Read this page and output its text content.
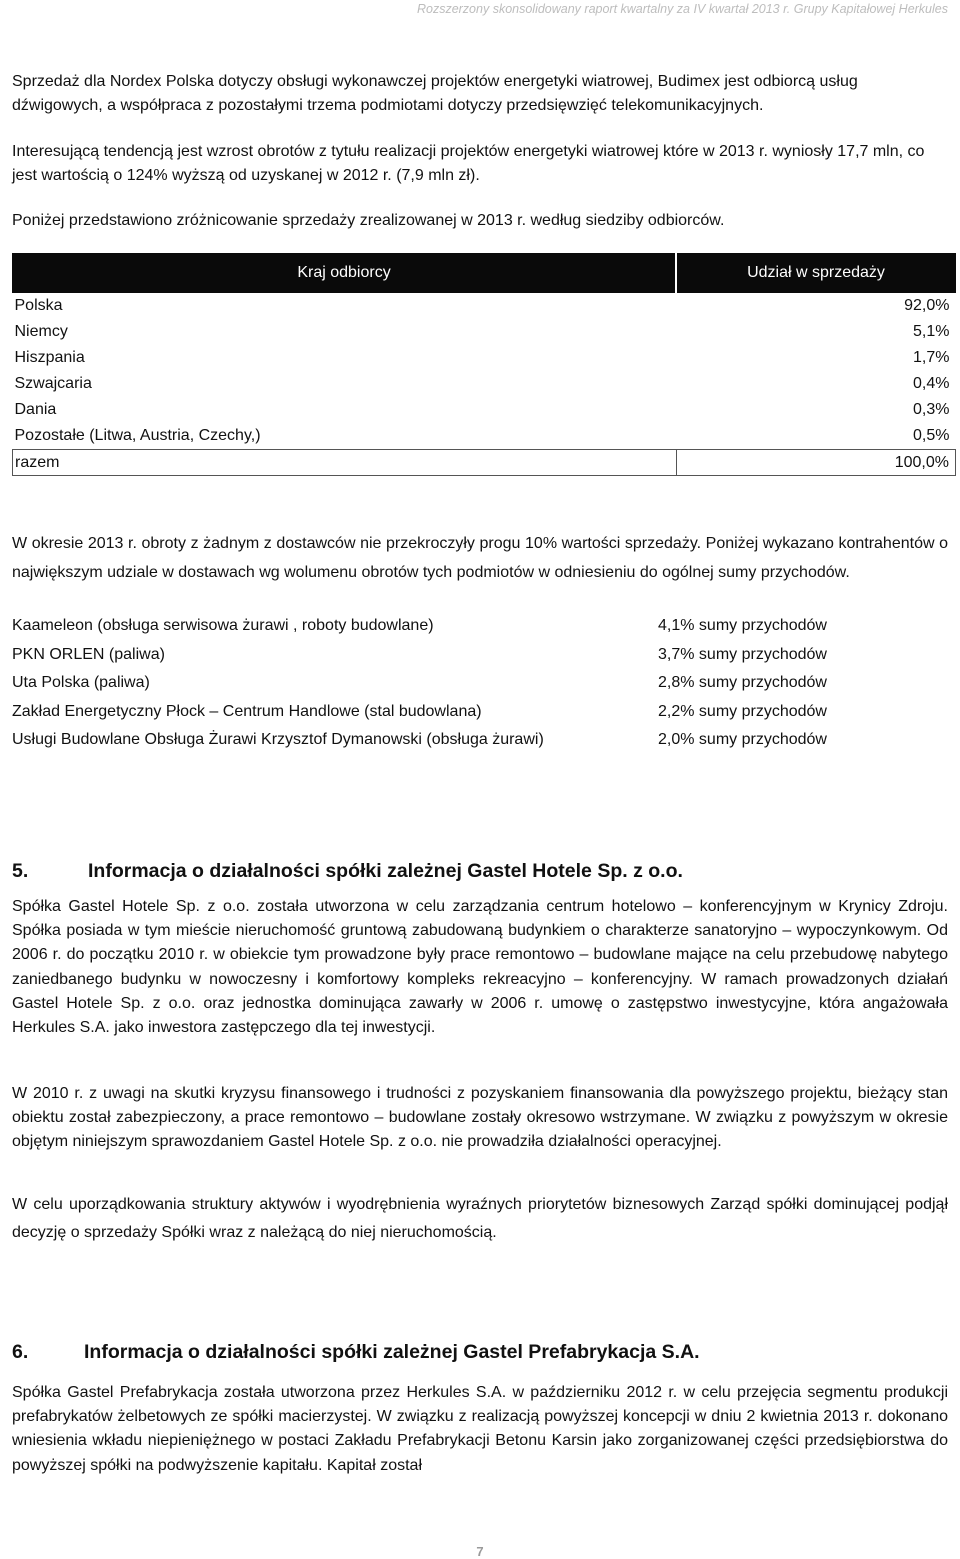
Rozszerzony skonsolidowany raport kwartalny za IV kwartał 2013 r. Grupy Kapitałowej Herkules

Sprzedaż dla Nordex Polska dotyczy obsługi wykonawczej projektów energetyki wiatrowej, Budimex jest odbiorcą usług dźwigowych, a współpraca z pozostałymi trzema podmiotami dotyczy przedsięwzięć telekomunikacyjnych.

Interesującą tendencją jest wzrost obrotów z tytułu realizacji projektów energetyki wiatrowej które w 2013 r. wyniosły 17,7 mln, co jest wartością o 124% wyższą od uzyskanej w 2012 r. (7,9 mln zł).

Poniżej przedstawiono zróżnicowanie sprzedaży zrealizowanej w 2013 r. według siedziby odbiorców.

Kraj odbiorcy	Udział w sprzedaży
Polska	92,0%
Niemcy	5,1%
Hiszpania	1,7%
Szwajcaria	0,4%
Dania	0,3%
Pozostałe (Litwa, Austria, Czechy,)	0,5%
razem	100,0%

W okresie 2013 r. obroty z żadnym z dostawców nie przekroczyły progu 10% wartości sprzedaży. Poniżej wykazano kontrahentów o największym udziale w dostawach wg wolumenu obrotów tych podmiotów w odniesieniu do ogólnej sumy przychodów.

Kaameleon (obsługa serwisowa żurawi , roboty budowlane)	4,1% sumy przychodów
PKN ORLEN (paliwa)	3,7% sumy przychodów
Uta Polska (paliwa)	2,8% sumy przychodów
Zakład Energetyczny Płock – Centrum Handlowe (stal budowlana)	2,2% sumy przychodów
Usługi Budowlane Obsługa Żurawi Krzysztof Dymanowski (obsługa żurawi)	2,0% sumy przychodów
5.	Informacja o działalności spółki zależnej Gastel Hotele Sp. z o.o.

Spółka Gastel Hotele Sp. z o.o. została utworzona w celu zarządzania centrum hotelowo – konferencyjnym w Krynicy Zdroju. Spółka posiada w tym mieście nieruchomość gruntową zabudowaną budynkiem o charakterze sanatoryjno – wypoczynkowym. Od 2006 r. do początku 2010 r. w obiekcie tym prowadzone były prace remontowo – budowlane mające na celu przebudowę nabytego zaniedbanego budynku w nowoczesny i komfortowy kompleks rekreacyjno – konferencyjny. W ramach prowadzonych działań Gastel Hotele Sp. z o.o. oraz jednostka dominująca zawarły w 2006 r. umowę o zastępstwo inwestycyjne, która angażowała Herkules S.A. jako inwestora zastępczego dla tej inwestycji.

W 2010 r. z uwagi na skutki kryzysu finansowego i trudności z pozyskaniem finansowania dla powyższego projektu, bieżący stan obiektu został zabezpieczony, a prace remontowo – budowlane zostały okresowo wstrzymane. W związku z powyższym w okresie objętym niniejszym sprawozdaniem Gastel Hotele Sp. z o.o. nie prowadziła działalności operacyjnej.

W celu uporządkowania struktury aktywów i wyodrębnienia wyraźnych priorytetów biznesowych Zarząd spółki dominującej podjął decyzję o sprzedaży Spółki wraz z należącą do niej nieruchomością.

6.	Informacja o działalności spółki zależnej Gastel Prefabrykacja S.A.

Spółka Gastel Prefabrykacja została utworzona przez Herkules S.A. w październiku 2012 r. w celu przejęcia segmentu produkcji prefabrykatów żelbetowych ze spółki macierzystej. W związku z realizacją powyższej koncepcji w dniu 2 kwietnia 2013 r. dokonano wniesienia wkładu niepieniężnego w postaci Zakładu Prefabrykacji Betonu Karsin jako zorganizowanej części przedsiębiorstwa do powyższej spółki na podwyższenie kapitału. Kapitał został

7
